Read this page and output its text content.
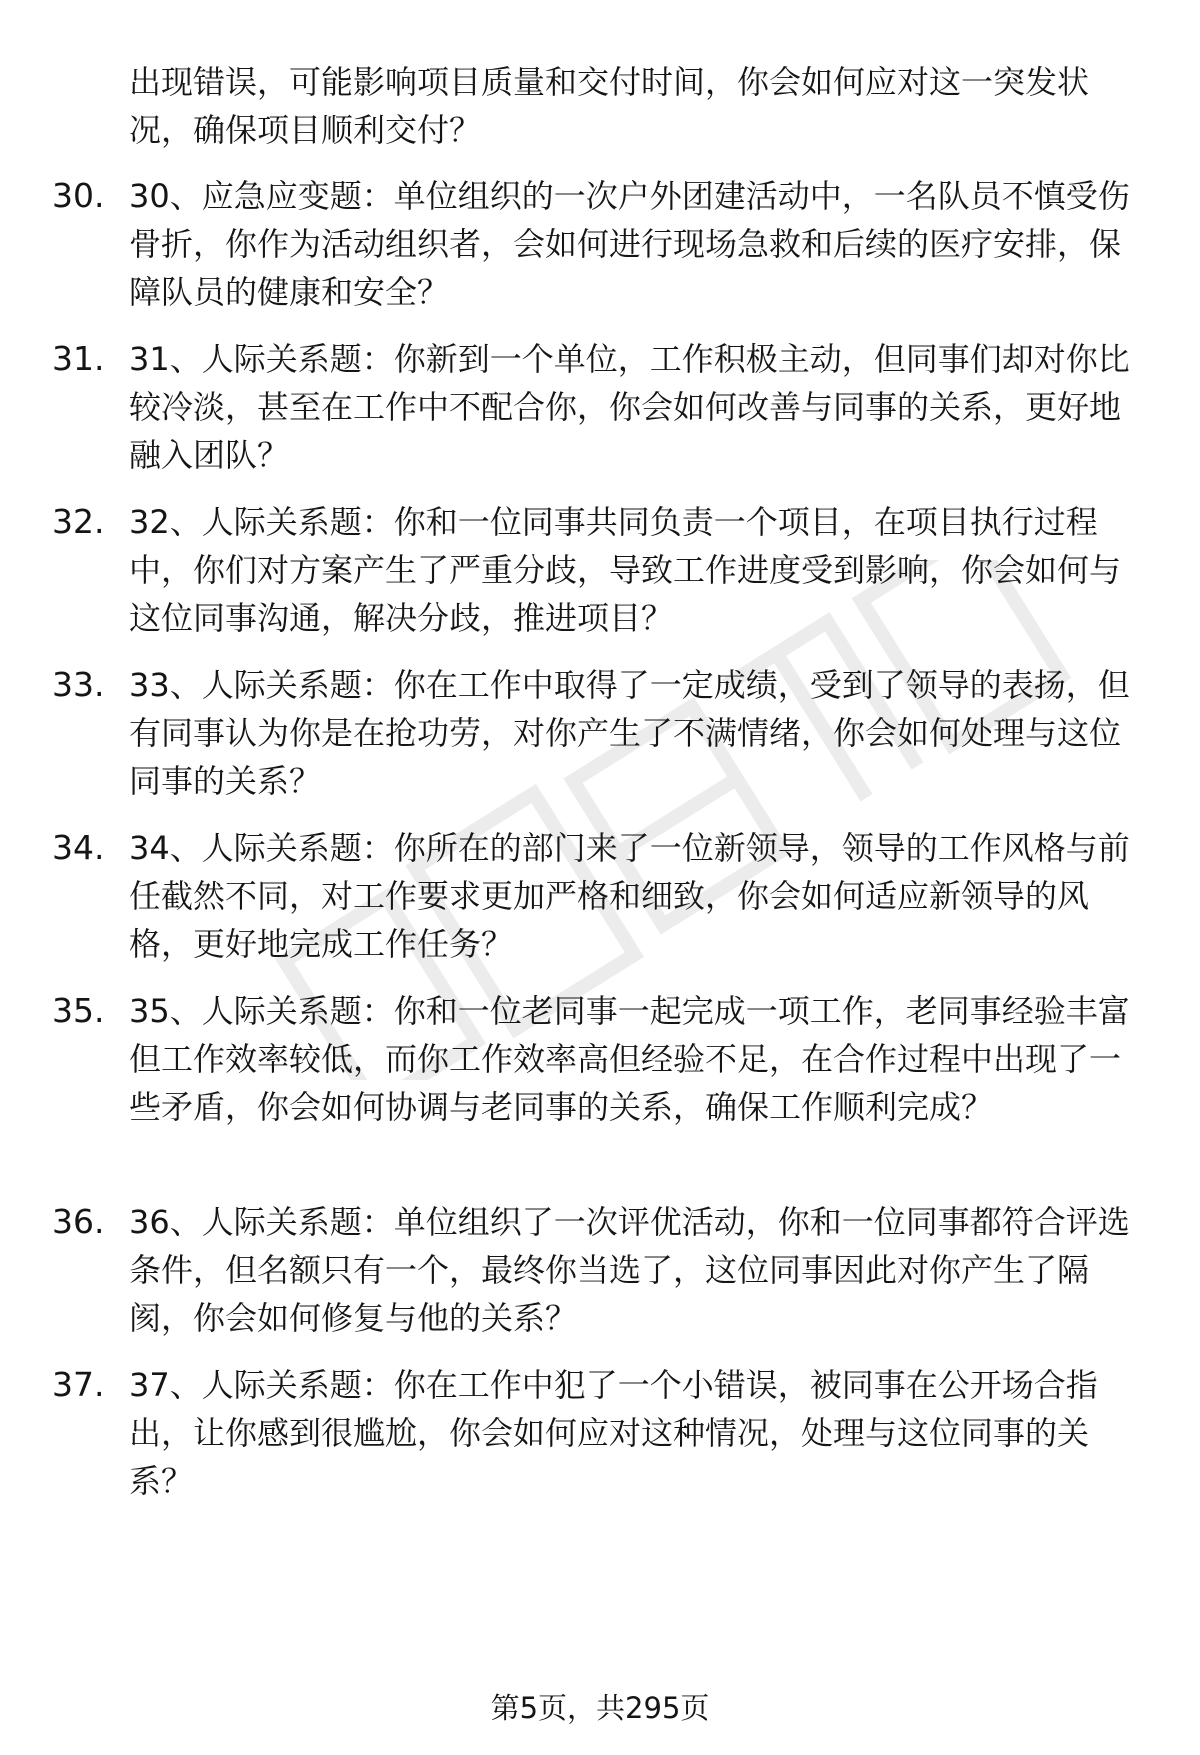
出现错误，可能影响项目质量和交付时间，你会如何应对这一突发状况，确保项目顺利交付？
30. 30、应急应变题：单位组织的一次户外团建活动中，一名队员不慎受伤骨折，你作为活动组织者，会如何进行现场急救和后续的医疗安排，保障队员的健康和安全？
31. 31、人际关系题：你新到一个单位，工作积极主动，但同事们却对你比较冷淡，甚至在工作中不配合你，你会如何改善与同事的关系，更好地融入团队？
32. 32、人际关系题：你和一位同事共同负责一个项目，在项目执行过程中，你们对方案产生了严重分歧，导致工作进度受到影响，你会如何与这位同事沟通，解决分歧，推进项目？
33. 33、人际关系题：你在工作中取得了一定成绩，受到了领导的表扬，但有同事认为你是在抢功劳，对你产生了不满情绪，你会如何处理与这位同事的关系？
34. 34、人际关系题：你所在的部门来了一位新领导，领导的工作风格与前任截然不同，对工作要求更加严格和细致，你会如何适应新领导的风格，更好地完成工作任务？
35. 35、人际关系题：你和一位老同事一起完成一项工作，老同事经验丰富但工作效率较低，而你工作效率高但经验不足，在合作过程中出现了一些矛盾，你会如何协调与老同事的关系，确保工作顺利完成？
36. 36、人际关系题：单位组织了一次评优活动，你和一位同事都符合评选条件，但名额只有一个，最终你当选了，这位同事因此对你产生了隔阂，你会如何修复与他的关系？
37. 37、人际关系题：你在工作中犯了一个小错误，被同事在公开场合指出，让你感到很尴尬，你会如何应对这种情况，处理与这位同事的关系？
第5页，共295页
